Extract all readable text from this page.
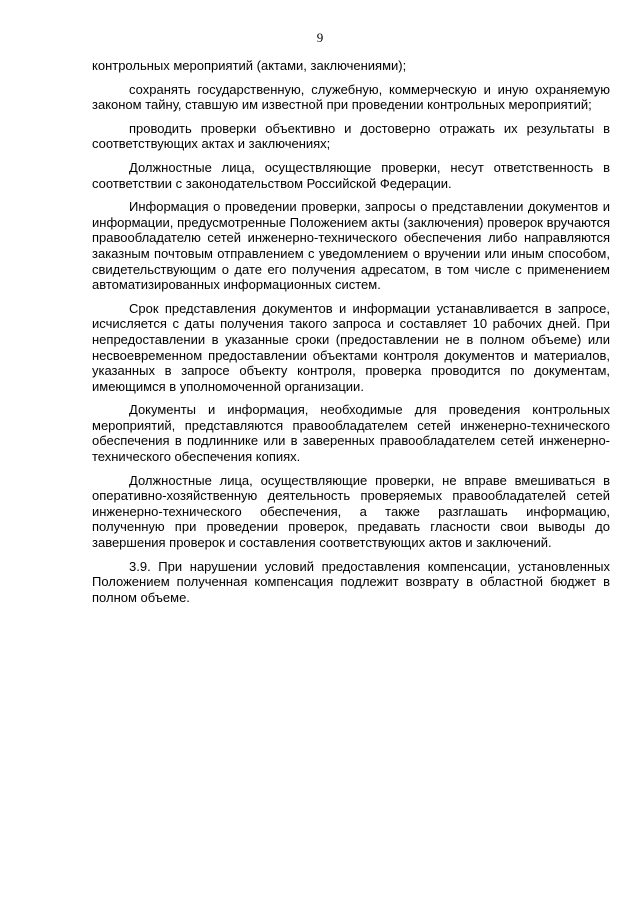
9

контрольных мероприятий (актами, заключениями);

сохранять государственную, служебную, коммерческую и иную охраняемую законом тайну, ставшую им известной при проведении контрольных мероприятий;

проводить проверки объективно и достоверно отражать их результаты в соответствующих актах и заключениях;

Должностные лица, осуществляющие проверки, несут ответственность в соответствии с законодательством Российской Федерации.

Информация о проведении проверки, запросы о представлении документов и информации, предусмотренные Положением акты (заключения) проверок вручаются правообладателю сетей инженерно-технического обеспечения либо направляются заказным почтовым отправлением с уведомлением о вручении или иным способом, свидетельствующим о дате его получения адресатом, в том числе с применением автоматизированных информационных систем.

Срок представления документов и информации устанавливается в запросе, исчисляется с даты получения такого запроса и составляет 10 рабочих дней. При непредоставлении в указанные сроки (предоставлении не в полном объеме) или несвоевременном предоставлении объектами контроля документов и материалов, указанных в запросе объекту контроля, проверка проводится по документам, имеющимся в уполномоченной организации.

Документы и информация, необходимые для проведения контрольных мероприятий, представляются правообладателем сетей инженерно-технического обеспечения в подлиннике или в заверенных правообладателем сетей инженерно-технического обеспечения копиях.

Должностные лица, осуществляющие проверки, не вправе вмешиваться в оперативно-хозяйственную деятельность проверяемых правообладателей сетей инженерно-технического обеспечения, а также разглашать информацию, полученную при проведении проверок, предавать гласности свои выводы до завершения проверок и составления соответствующих актов и заключений.

3.9. При нарушении условий предоставления компенсации, установленных Положением полученная компенсация подлежит возврату в областной бюджет в полном объеме.
